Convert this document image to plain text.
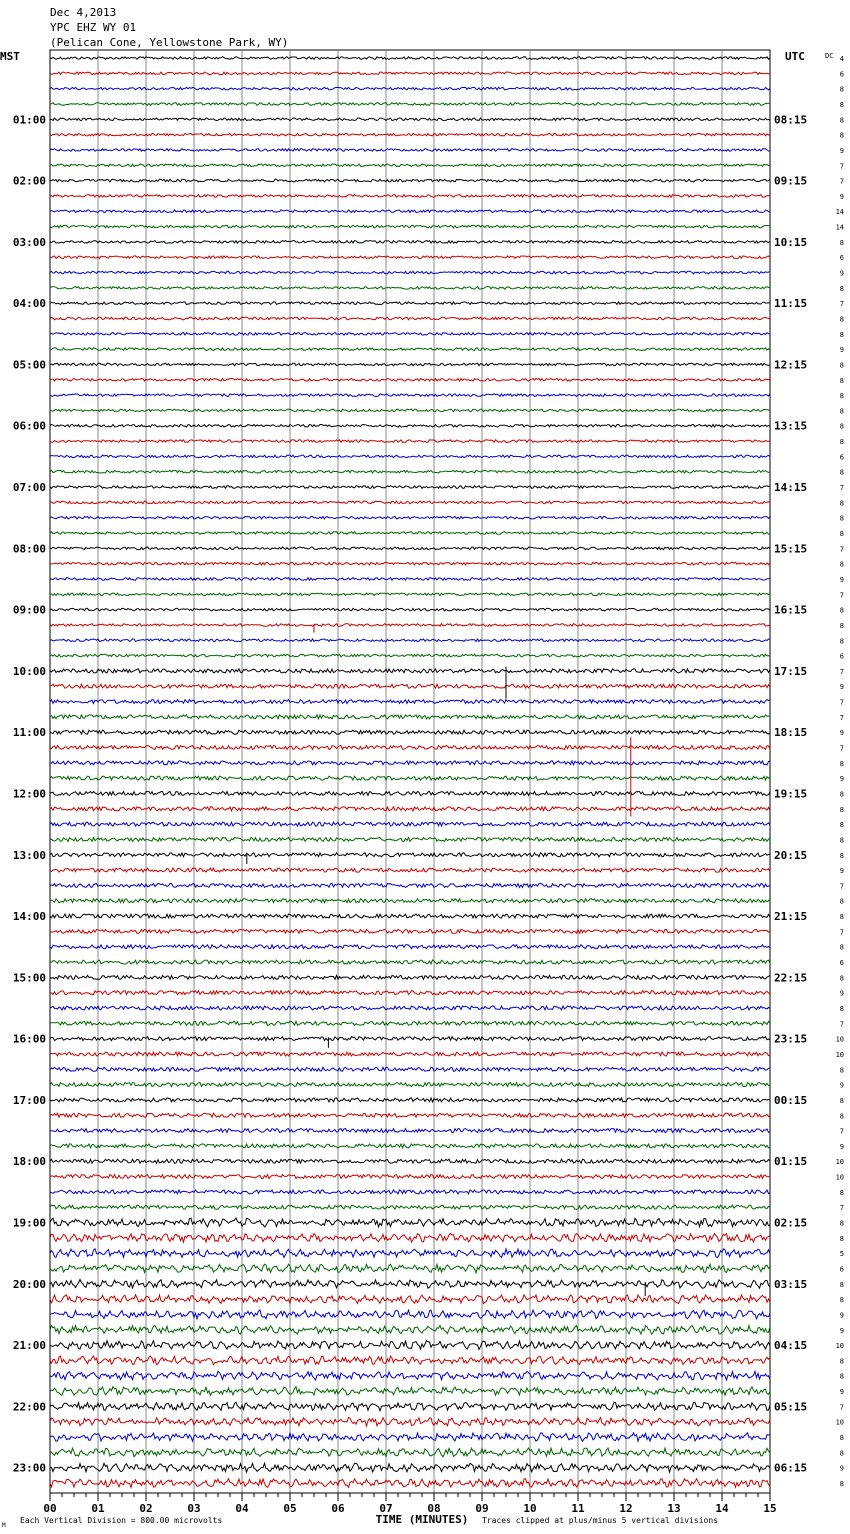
Dec 4,2013
YPC EHZ WY 01
(Pelican Cone, Yellowstone Park, WY)
MST	UTC	DC 4
6
8
8
8
8
9
7
7
9
14
14
8
6
9
8
7
8
8
9
8
8
8
8
8
8
6
8
7
8
8
8
7
8
9
7
8
8
8
6
7
9
7
7
9
7
8
9
8
8
8
8
8
9
7
8
8
7
8
6
8
9
8
7
10
10
8
9
8
8
7
9
10
10
8
7
8
8
5
6
8
8
9
9
10
8
8
9
7
10
8
8
9
8
01:00
02:00
03:00
04:00
05:00
06:00
07:00
08:00
09:00
10:00
11:00
12:00
13:00
14:00
15:00
16:00
17:00
18:00
19:00
20:00
21:00
22:00
23:00
08:15
09:15
10:15
11:15
12:15
13:15
14:15
15:15
16:15
17:15
18:15
19:15
20:15
21:15
22:15
23:15
00:15
01:15
02:15
03:15
04:15
05:15
06:15
00	01	02	03	04	05	06	07	08	09	10	11	12	13	14	15
Each Vertical Division = 800.00 microvolts	TIME (MINUTES) Traces clipped at plus/minus 5 vertical divisions
M
